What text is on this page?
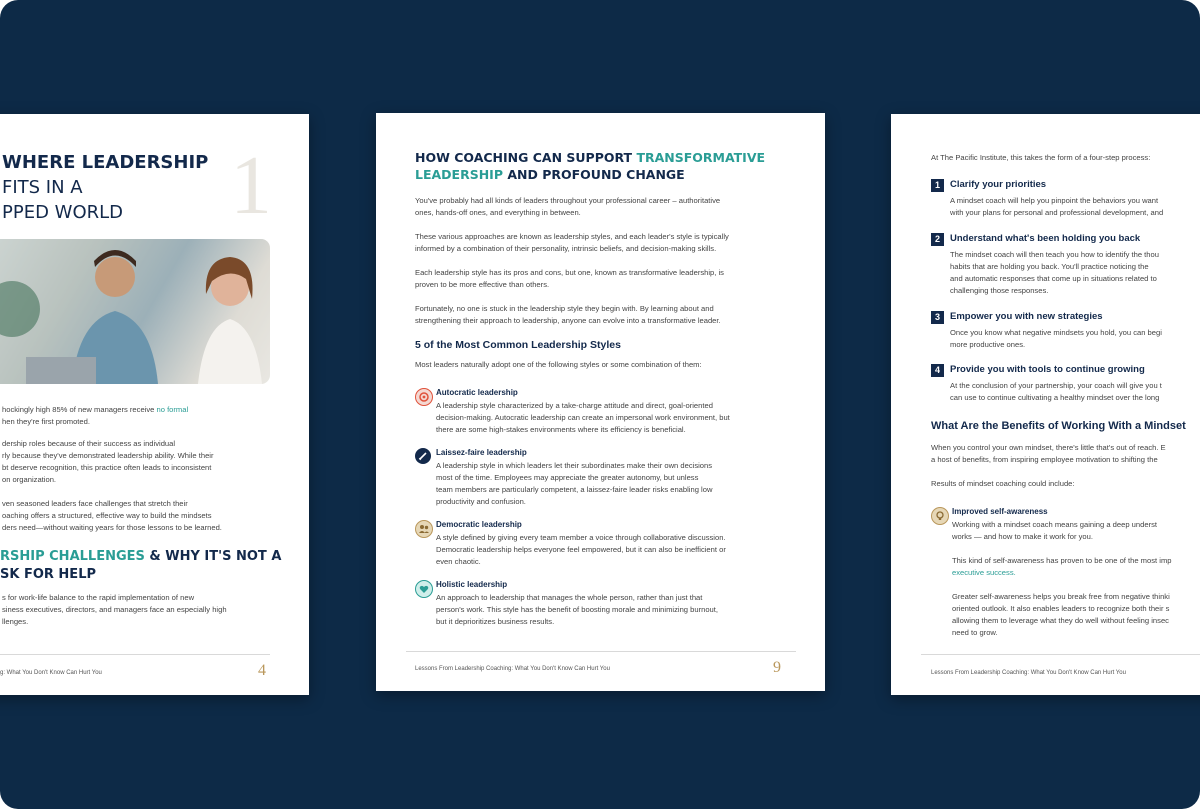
1
WHERE LEADERSHIP
FITS IN A
PPED WORLD
hockingly high 85% of new managers receive no formal
hen they're first promoted.
dership roles because of their success as individual
rly because they've demonstrated leadership ability. While their
bt deserve recognition, this practice often leads to inconsistent
on organization.
ven seasoned leaders face challenges that stretch their
oaching offers a structured, effective way to build the mindsets
ders need—without waiting years for those lessons to be learned.
RSHIP CHALLENGES & WHY IT'S NOT A
SK FOR HELP
s for work-life balance to the rapid implementation of new
siness executives, directors, and managers face an especially high
llenges.
g: What You Don't Know Can Hurt You	4
HOW COACHING CAN SUPPORT TRANSFORMATIVE
LEADERSHIP AND PROFOUND CHANGE
You've probably had all kinds of leaders throughout your professional career – authoritative
ones, hands-off ones, and everything in between.
These various approaches are known as leadership styles, and each leader's style is typically
informed by a combination of their personality, intrinsic beliefs, and decision-making skills.
Each leadership style has its pros and cons, but one, known as transformative leadership, is
proven to be more effective than others.
Fortunately, no one is stuck in the leadership style they begin with. By learning about and
strengthening their approach to leadership, anyone can evolve into a transformative leader.
5 of the Most Common Leadership Styles
Most leaders naturally adopt one of the following styles or some combination of them:
Autocratic leadership
A leadership style characterized by a take-charge attitude and direct, goal-oriented
decision-making. Autocratic leadership can create an impersonal work environment, but
there are some high-stakes environments where its efficiency is beneficial.
Laissez-faire leadership
A leadership style in which leaders let their subordinates make their own decisions
most of the time. Employees may appreciate the greater autonomy, but unless
team members are particularly competent, a laissez-faire leader risks enabling low
productivity and confusion.
Democratic leadership
A style defined by giving every team member a voice through collaborative discussion.
Democratic leadership helps everyone feel empowered, but it can also be inefficient or
even chaotic.
Holistic leadership
An approach to leadership that manages the whole person, rather than just that
person's work. This style has the benefit of boosting morale and minimizing burnout,
but it deprioritizes business results.
Lessons From Leadership Coaching: What You Don't Know Can Hurt You	9
At The Pacific Institute, this takes the form of a four-step process:
1	Clarify your priorities
A mindset coach will help you pinpoint the behaviors you want
with your plans for personal and professional development, and
2	Understand what's been holding you back
The mindset coach will then teach you how to identify the thou
habits that are holding you back. You'll practice noticing the
and automatic responses that come up in situations related to
challenging those responses.
3	Empower you with new strategies
Once you know what negative mindsets you hold, you can begi
more productive ones.
4	Provide you with tools to continue growing
At the conclusion of your partnership, your coach will give you t
can use to continue cultivating a healthy mindset over the long
What Are the Benefits of Working With a Mindset
When you control your own mindset, there's little that's out of reach. E
a host of benefits, from inspiring employee motivation to shifting the
Results of mindset coaching could include:
Improved self-awareness
Working with a mindset coach means gaining a deep underst
works — and how to make it work for you.
This kind of self-awareness has proven to be one of the most imp
executive success.
Greater self-awareness helps you break free from negative thinki
oriented outlook. It also enables leaders to recognize both their s
allowing them to leverage what they do well without feeling insec
need to grow.
Lessons From Leadership Coaching: What You Don't Know Can Hurt You
